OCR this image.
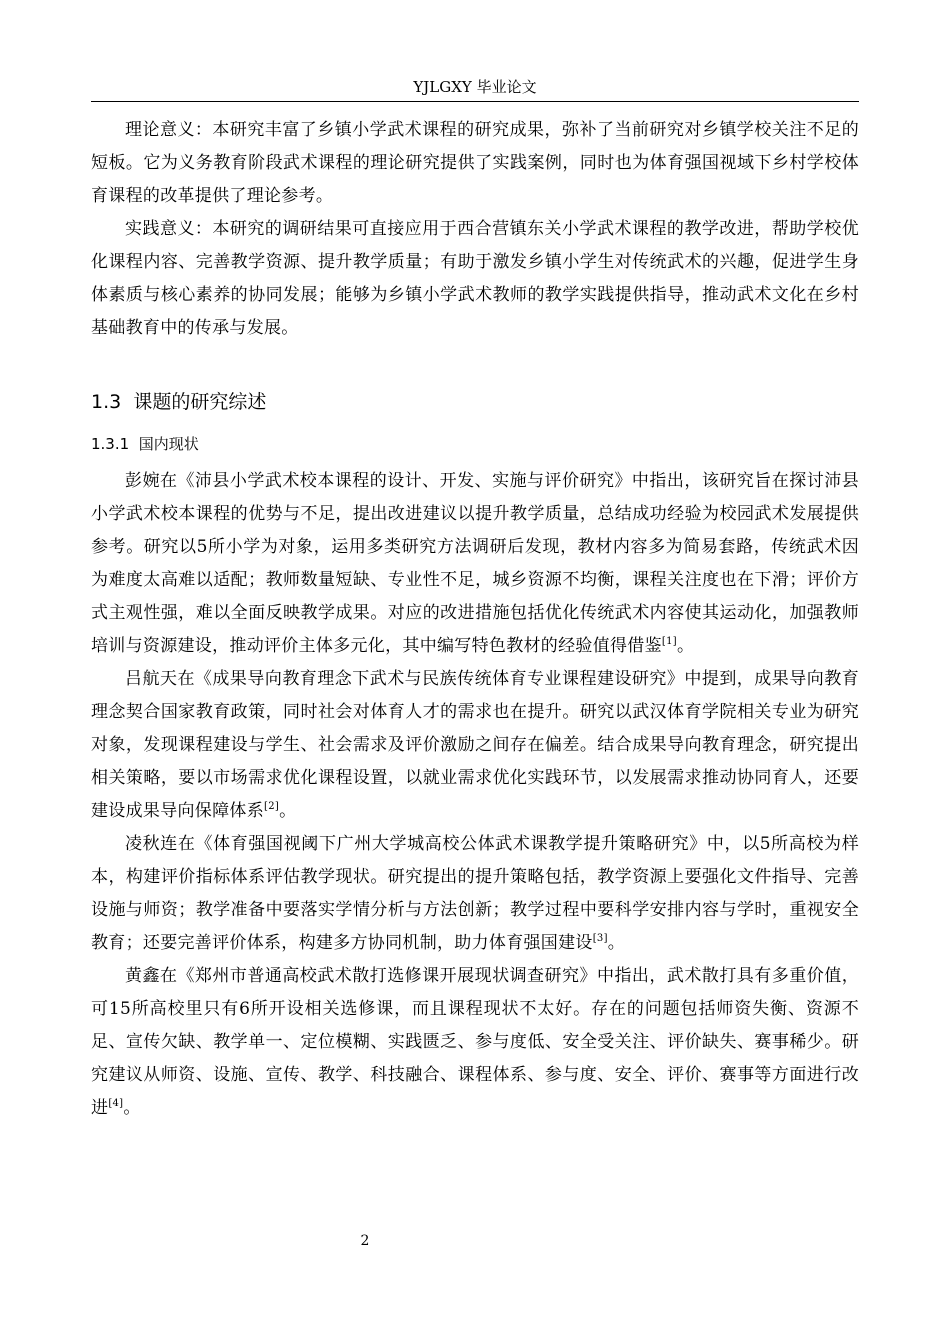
YJLGXY 毕业论文

理论意义：本研究丰富了乡镇小学武术课程的研究成果，弥补了当前研究对乡镇学校关注不足的短板。它为义务教育阶段武术课程的理论研究提供了实践案例，同时也为体育强国视域下乡村学校体育课程的改革提供了理论参考。

实践意义：本研究的调研结果可直接应用于西合营镇东关小学武术课程的教学改进，帮助学校优化课程内容、完善教学资源、提升教学质量；有助于激发乡镇小学生对传统武术的兴趣，促进学生身体素质与核心素养的协同发展；能够为乡镇小学武术教师的教学实践提供指导，推动武术文化在乡村基础教育中的传承与发展。

1.3 课题的研究综述
1.3.1 国内现状

彭婉在《沛县小学武术校本课程的设计、开发、实施与评价研究》中指出，该研究旨在探讨沛县小学武术校本课程的优势与不足，提出改进建议以提升教学质量，总结成功经验为校园武术发展提供参考。研究以5所小学为对象，运用多类研究方法调研后发现，教材内容多为简易套路，传统武术因为难度太高难以适配；教师数量短缺、专业性不足，城乡资源不均衡，课程关注度也在下滑；评价方式主观性强，难以全面反映教学成果。对应的改进措施包括优化传统武术内容使其运动化，加强教师培训与资源建设，推动评价主体多元化，其中编写特色教材的经验值得借鉴[1]。

吕航天在《成果导向教育理念下武术与民族传统体育专业课程建设研究》中提到，成果导向教育理念契合国家教育政策，同时社会对体育人才的需求也在提升。研究以武汉体育学院相关专业为研究对象，发现课程建设与学生、社会需求及评价激励之间存在偏差。结合成果导向教育理念，研究提出相关策略，要以市场需求优化课程设置，以就业需求优化实践环节，以发展需求推动协同育人，还要建设成果导向保障体系[2]。

凌秋连在《体育强国视阈下广州大学城高校公体武术课教学提升策略研究》中，以5所高校为样本，构建评价指标体系评估教学现状。研究提出的提升策略包括，教学资源上要强化文件指导、完善设施与师资；教学准备中要落实学情分析与方法创新；教学过程中要科学安排内容与学时，重视安全教育；还要完善评价体系，构建多方协同机制，助力体育强国建设[3]。

黄鑫在《郑州市普通高校武术散打选修课开展现状调查研究》中指出，武术散打具有多重价值，可15所高校里只有6所开设相关选修课，而且课程现状不太好。存在的问题包括师资失衡、资源不足、宣传欠缺、教学单一、定位模糊、实践匮乏、参与度低、安全受关注、评价缺失、赛事稀少。研究建议从师资、设施、宣传、教学、科技融合、课程体系、参与度、安全、评价、赛事等方面进行改进[4]。

2
